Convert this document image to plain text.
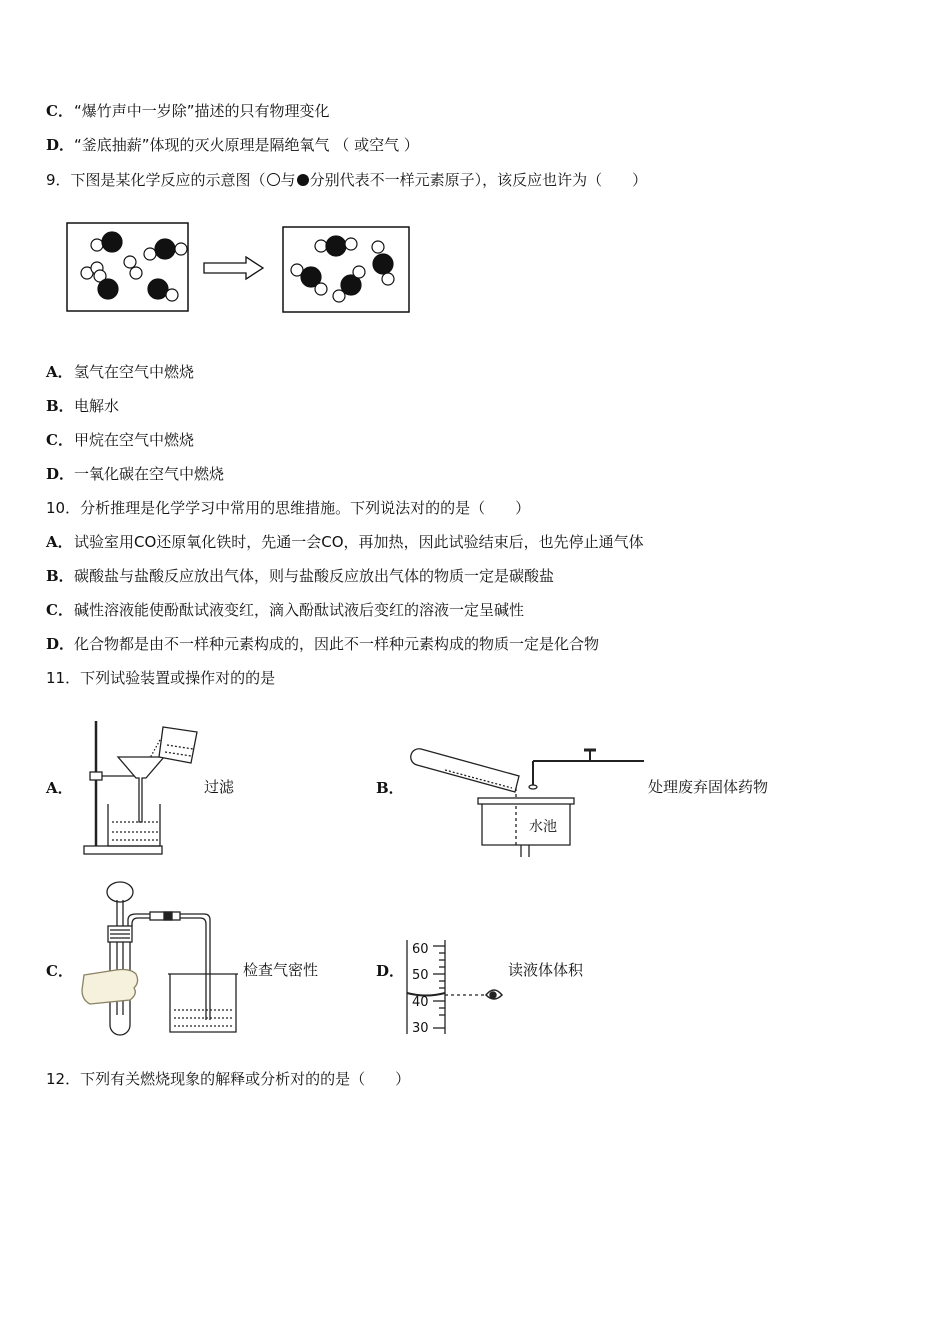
C．“爆竹声中一岁除”描述的只有物理变化
D．“釜底抽薪”体现的灭火原理是隔绝氧气 （ 或空气 ）
9．下图是某化学反应的示意图（ 与 分别代表不一样元素原子），该反应也许为（　　）
A．氢气在空气中燃烧
B．电解水
C．甲烷在空气中燃烧
D．一氧化碳在空气中燃烧
10．分析推理是化学学习中常用的思维措施。下列说法对的的是（　　）
A．试验室用CO还原氧化铁时，先通一会CO，再加热，因此试验结束后，也先停止通气体
B．碳酸盐与盐酸反应放出气体，则与盐酸反应放出气体的物质一定是碳酸盐
C．碱性溶液能使酚酞试液变红，滴入酚酞试液后变红的溶液一定呈碱性
D．化合物都是由不一样种元素构成的，因此不一样种元素构成的物质一定是化合物
11．下列试验装置或操作对的的是
A．	过滤	B．
水池
处理废弃固体药物
C．	检查气密性	D．
60
50
40
30
读液体体积
12．下列有关燃烧现象的解释或分析对的的是（　　）
